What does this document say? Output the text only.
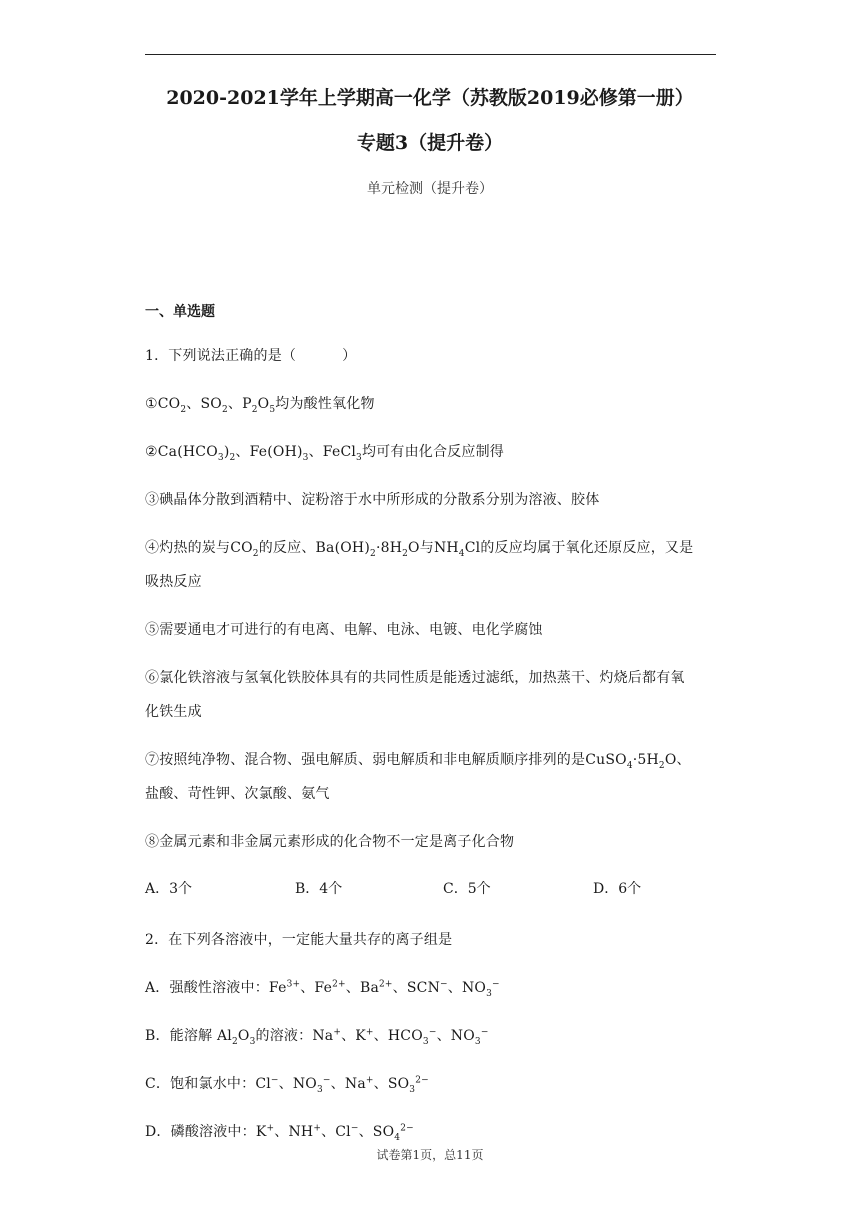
2020-2021学年上学期高一化学（苏教版2019必修第一册）
专题3（提升卷）
单元检测（提升卷）
一、单选题
1．下列说法正确的是（	）
$①CO_2$、$SO_2$、$P_2O_5$均为酸性氧化物
$②Ca(HCO_3)_2$、$Fe(OH)_3$、FeCl$_3$均可有由化合反应制得
③碘晶体分散到酒精中、淀粉溶于水中所形成的分散系分别为溶液、胶体
④灼热的炭与$CO_2$的反应、$Ba(OH)_2\cdot 8H_2O$与$NH_4Cl$的反应均属于氧化还原反应，又是
吸热反应
⑤需要通电才可进行的有电离、电解、电泳、电镀、电化学腐蚀
⑥氯化铁溶液与氢氧化铁胶体具有的共同性质是能透过滤纸，加热蒸干、灼烧后都有氧
化铁生成
⑦按照纯净物、混合物、强电解质、弱电解质和非电解质顺序排列的是$CuSO_4\cdot 5H_2O$、
盐酸、苛性钾、次氯酸、氨气
⑧金属元素和非金属元素形成的化合物不一定是离子化合物
A．3个	B．4个	C．5个	D．6个
2．在下列各溶液中，一定能大量共存的离子组是
A．强酸性溶液中：$Fe^{3+}$、$Fe^{2+}$、$Ba^{2+}$、SCN−、$NO_3^-$
B．能溶解 $Al_2O_3$的溶液：Na+、K+、$HCO_3^-$、$NO_3^-$
C．饱和氯水中：Cl−、$NO_3^-$、Na+、$SO_3^{2-}$
D．磷酸溶液中：K+、NH+、Cl−、$SO_4^{2-}$
试卷第1页，总11页
